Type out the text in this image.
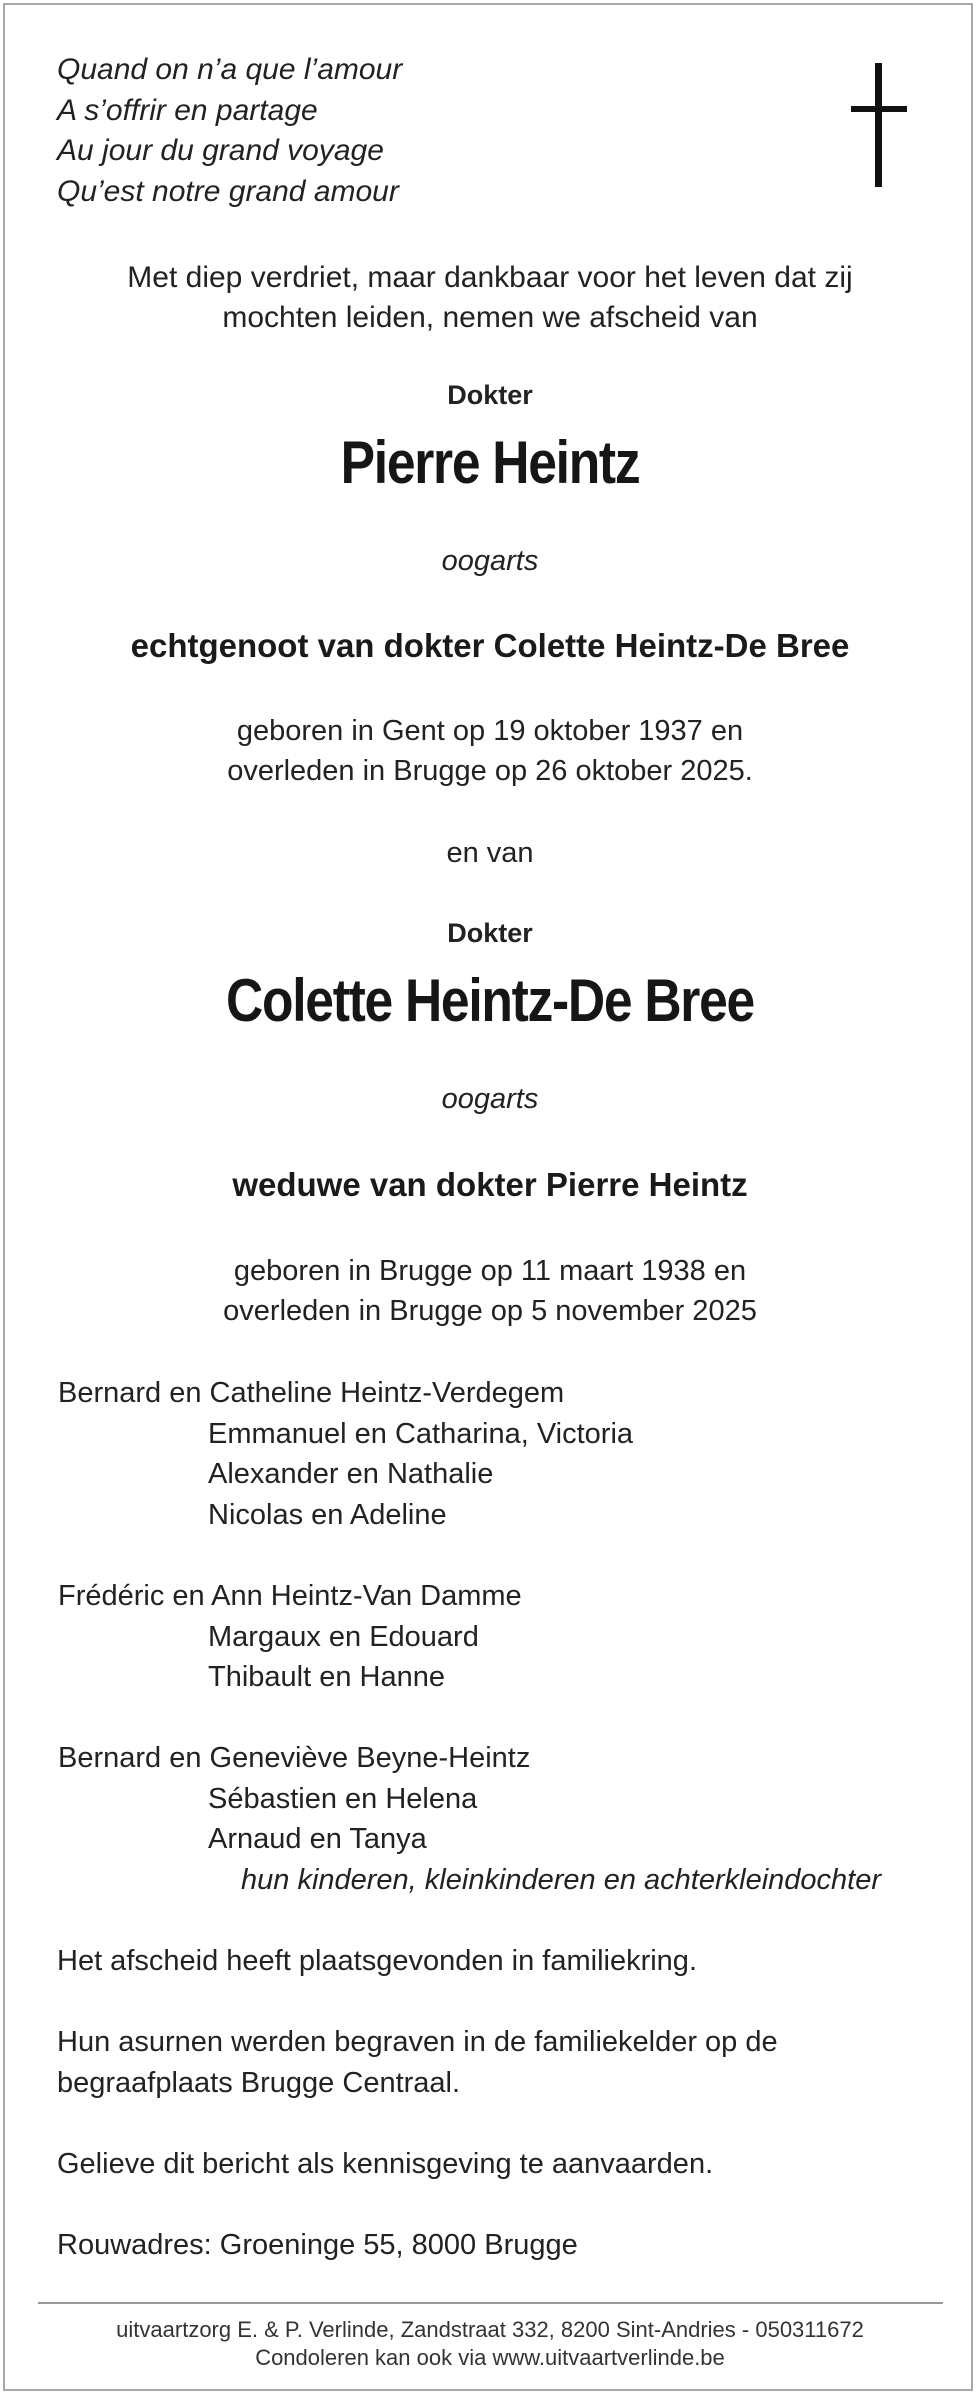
Quand on n’a que l’amour
A s’offrir en partage
Au jour du grand voyage
Qu’est notre grand amour
Met diep verdriet, maar dankbaar voor het leven dat zij
mochten leiden, nemen we afscheid van
Dokter
Pierre Heintz
oogarts
echtgenoot van dokter Colette Heintz-De Bree
geboren in Gent op 19 oktober 1937 en
overleden in Brugge op 26 oktober 2025.
en van
Dokter
Colette Heintz-De Bree
oogarts
weduwe van dokter Pierre Heintz
geboren in Brugge op 11 maart 1938 en
overleden in Brugge op 5 november 2025
Bernard en Catheline Heintz-Verdegem
Emmanuel en Catharina, Victoria
Alexander en Nathalie
Nicolas en Adeline
Frédéric en Ann Heintz-Van Damme
Margaux en Edouard
Thibault en Hanne
Bernard en Geneviève Beyne-Heintz
Sébastien en Helena
Arnaud en Tanya
hun kinderen, kleinkinderen en achterkleindochter
Het afscheid heeft plaatsgevonden in familiekring.
Hun asurnen werden begraven in de familiekelder op de
begraafplaats Brugge Centraal.
Gelieve dit bericht als kennisgeving te aanvaarden.
Rouwadres: Groeninge 55, 8000 Brugge
uitvaartzorg E. & P. Verlinde, Zandstraat 332, 8200 Sint-Andries - 050311672
Condoleren kan ook via www.uitvaartverlinde.be
